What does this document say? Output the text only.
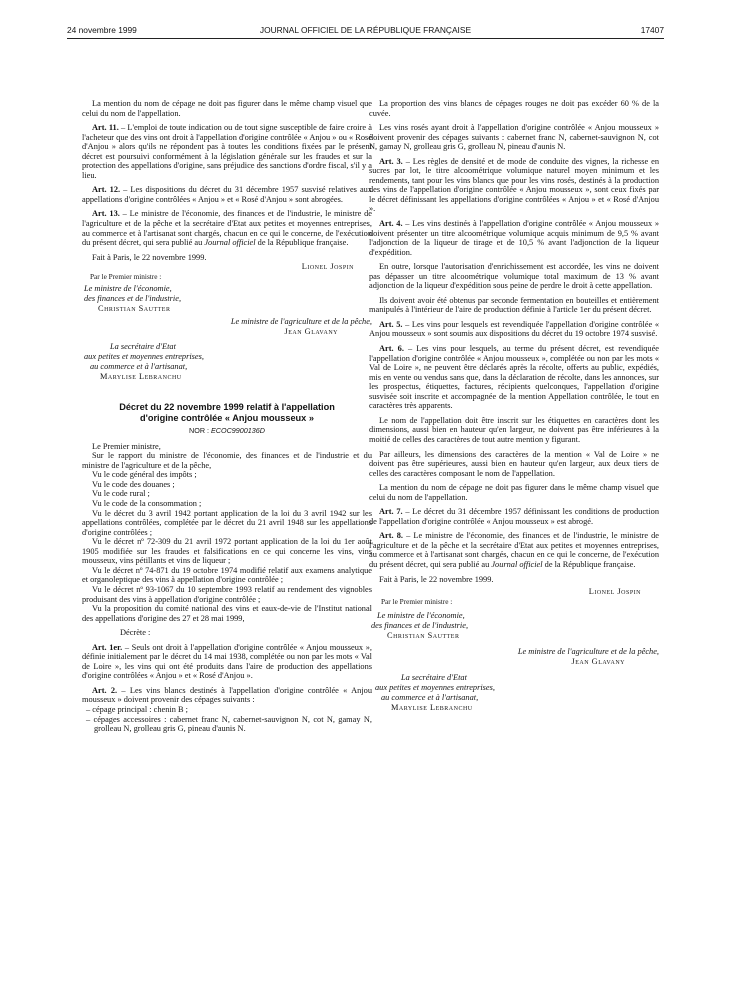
24 novembre 1999	JOURNAL OFFICIEL DE LA RÉPUBLIQUE FRANÇAISE	17407

La mention du nom de cépage ne doit pas figurer dans le même champ visuel que celui du nom de l'appellation.

Art. 11. – L'emploi de toute indication ou de tout signe susceptible de faire croire à l'acheteur que des vins ont droit à l'appellation d'origine contrôlée « Anjou » ou « Rosé d'Anjou » alors qu'ils ne répondent pas à toutes les conditions fixées par le présent décret est poursuivi conformément à la législation générale sur les fraudes et sur la protection des appellations d'origine, sans préjudice des sanctions d'ordre fiscal, s'il y a lieu.

Art. 12. – Les dispositions du décret du 31 décembre 1957 susvisé relatives aux appellations d'origine contrôlées « Anjou » et « Rosé d'Anjou » sont abrogées.

Art. 13. – Le ministre de l'économie, des finances et de l'industrie, le ministre de l'agriculture et de la pêche et la secrétaire d'Etat aux petites et moyennes entreprises, au commerce et à l'artisanat sont chargés, chacun en ce qui le concerne, de l'exécution du présent décret, qui sera publié au Journal officiel de la République française.

Fait à Paris, le 22 novembre 1999.

Lionel Jospin
Par le Premier ministre :
Le ministre de l'économie,
des finances et de l'industrie,
Christian Sautter
Le ministre de l'agriculture et de la pêche,
Jean Glavany
La secrétaire d'Etat
aux petites et moyennes entreprises,
au commerce et à l'artisanat,
Marylise Lebranchu
Décret du 22 novembre 1999 relatif à l'appellation
d'origine contrôlée « Anjou mousseux »
NOR : ECOC9900136D

Le Premier ministre,

Sur le rapport du ministre de l'économie, des finances et de l'industrie et du ministre de l'agriculture et de la pêche,

Vu le code général des impôts ;

Vu le code des douanes ;

Vu le code rural ;

Vu le code de la consommation ;

Vu le décret du 3 avril 1942 portant application de la loi du 3 avril 1942 sur les appellations contrôlées, complétée par le décret du 21 avril 1948 sur les appellations d'origine contrôlées ;

Vu le décret nº 72-309 du 21 avril 1972 portant application de la loi du 1er août 1905 modifiée sur les fraudes et falsifications en ce qui concerne les vins, vins mousseux, vins pétillants et vins de liqueur ;

Vu le décret nº 74-871 du 19 octobre 1974 modifié relatif aux examens analytique et organoleptique des vins à appellation d'origine contrôlée ;

Vu le décret nº 93-1067 du 10 septembre 1993 relatif au rendement des vignobles produisant des vins à appellation d'origine contrôlée ;

Vu la proposition du comité national des vins et eaux-de-vie de l'Institut national des appellations d'origine des 27 et 28 mai 1999,

Décrète :

Art. 1er. – Seuls ont droit à l'appellation d'origine contrôlée « Anjou mousseux », définie initialement par le décret du 14 mai 1938, complétée ou non par les mots « Val de Loire », les vins qui ont été produits dans l'aire de production des appellations d'origine contrôlées « Anjou » et « Rosé d'Anjou ».

Art. 2. – Les vins blancs destinés à l'appellation d'origine contrôlée « Anjou mousseux » doivent provenir des cépages suivants :

– cépage principal : chenin B ;
– cépages accessoires : cabernet franc N, cabernet-sauvignon N, cot N, gamay N, grolleau N, grolleau gris G, pineau d'aunis N.

La proportion des vins blancs de cépages rouges ne doit pas excéder 60 % de la cuvée.

Les vins rosés ayant droit à l'appellation d'origine contrôlée « Anjou mousseux » doivent provenir des cépages suivants : cabernet franc N, cabernet-sauvignon N, cot N, gamay N, grolleau gris G, grolleau N, pineau d'aunis N.

Art. 3. – Les règles de densité et de mode de conduite des vignes, la richesse en sucres par lot, le titre alcoométrique volumique naturel moyen minimum et les rendements, tant pour les vins blancs que pour les vins rosés, destinés à la production des vins de l'appellation d'origine contrôlée « Anjou mousseux », sont ceux fixés par le décret définissant les appellations d'origine contrôlées « Anjou » et « Rosé d'Anjou ».

Art. 4. – Les vins destinés à l'appellation d'origine contrôlée « Anjou mousseux » doivent présenter un titre alcoométrique volumique acquis minimum de 9,5 % avant l'adjonction de la liqueur de tirage et de 10,5 % avant l'adjonction de la liqueur d'expédition.

En outre, lorsque l'autorisation d'enrichissement est accordée, les vins ne doivent pas dépasser un titre alcoométrique volumique total maximum de 13 % avant adjonction de la liqueur d'expédition sous peine de perdre le droit à cette appellation.

Ils doivent avoir été obtenus par seconde fermentation en bouteilles et entièrement manipulés à l'intérieur de l'aire de production définie à l'article 1er du présent décret.

Art. 5. – Les vins pour lesquels est revendiquée l'appellation d'origine contrôlée « Anjou mousseux » sont soumis aux dispositions du décret du 19 octobre 1974 susvisé.

Art. 6. – Les vins pour lesquels, au terme du présent décret, est revendiquée l'appellation d'origine contrôlée « Anjou mousseux », complétée ou non par les mots « Val de Loire », ne peuvent être déclarés après la récolte, offerts au public, expédiés, mis en vente ou vendus sans que, dans la déclaration de récolte, dans les annonces, sur les prospectus, étiquettes, factures, récipients quelconques, l'appellation d'origine susvisée soit inscrite et accompagnée de la mention Appellation contrôlée, le tout en caractères très apparents.

Le nom de l'appellation doit être inscrit sur les étiquettes en caractères dont les dimensions, aussi bien en hauteur qu'en largeur, ne doivent pas être inférieures à la moitié de celles des caractères de tout autre mention y figurant.

Par ailleurs, les dimensions des caractères de la mention « Val de Loire » ne doivent pas être supérieures, aussi bien en hauteur qu'en largeur, aux deux tiers de celles des caractères composant le nom de l'appellation.

La mention du nom de cépage ne doit pas figurer dans le même champ visuel que celui du nom de l'appellation.

Art. 7. – Le décret du 31 décembre 1957 définissant les conditions de production de l'appellation d'origine contrôlée « Anjou mousseux » est abrogé.

Art. 8. – Le ministre de l'économie, des finances et de l'industrie, le ministre de l'agriculture et de la pêche et la secrétaire d'Etat aux petites et moyennes entreprises, au commerce et à l'artisanat sont chargés, chacun en ce qui le concerne, de l'exécution du présent décret, qui sera publié au Journal officiel de la République française.

Fait à Paris, le 22 novembre 1999.

Lionel Jospin
Par le Premier ministre :
Le ministre de l'économie,
des finances et de l'industrie,
Christian Sautter
Le ministre de l'agriculture et de la pêche,
Jean Glavany
La secrétaire d'Etat
aux petites et moyennes entreprises,
au commerce et à l'artisanat,
Marylise Lebranchu
